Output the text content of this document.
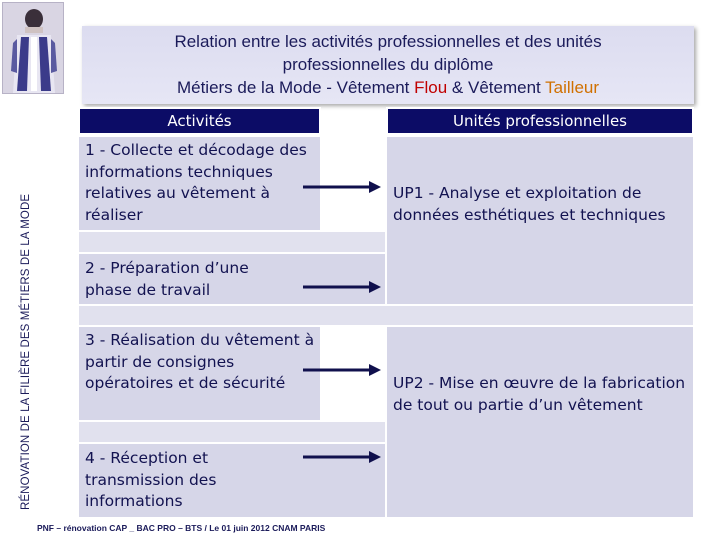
RÉNOVATION DE LA FILIÈRE DES MÉTIERS DE LA MODE
Relation entre les activités professionnelles et des unités
professionnelles du diplôme
Métiers de la Mode - Vêtement Flou & Vêtement Tailleur
Activités	Unités professionnelles
1 - Collecte et décodage des informations techniques relatives au vêtement à réaliser
2 - Préparation d’une phase de travail
3 - Réalisation du vêtement à partir de consignes opératoires et de sécurité
4 - Réception et transmission des informations
UP1 - Analyse et exploitation de données esthétiques et techniques
UP2 - Mise en œuvre de la fabrication de tout ou partie d’un vêtement
PNF – rénovation CAP _ BAC PRO – BTS / Le 01 juin 2012 CNAM PARIS
